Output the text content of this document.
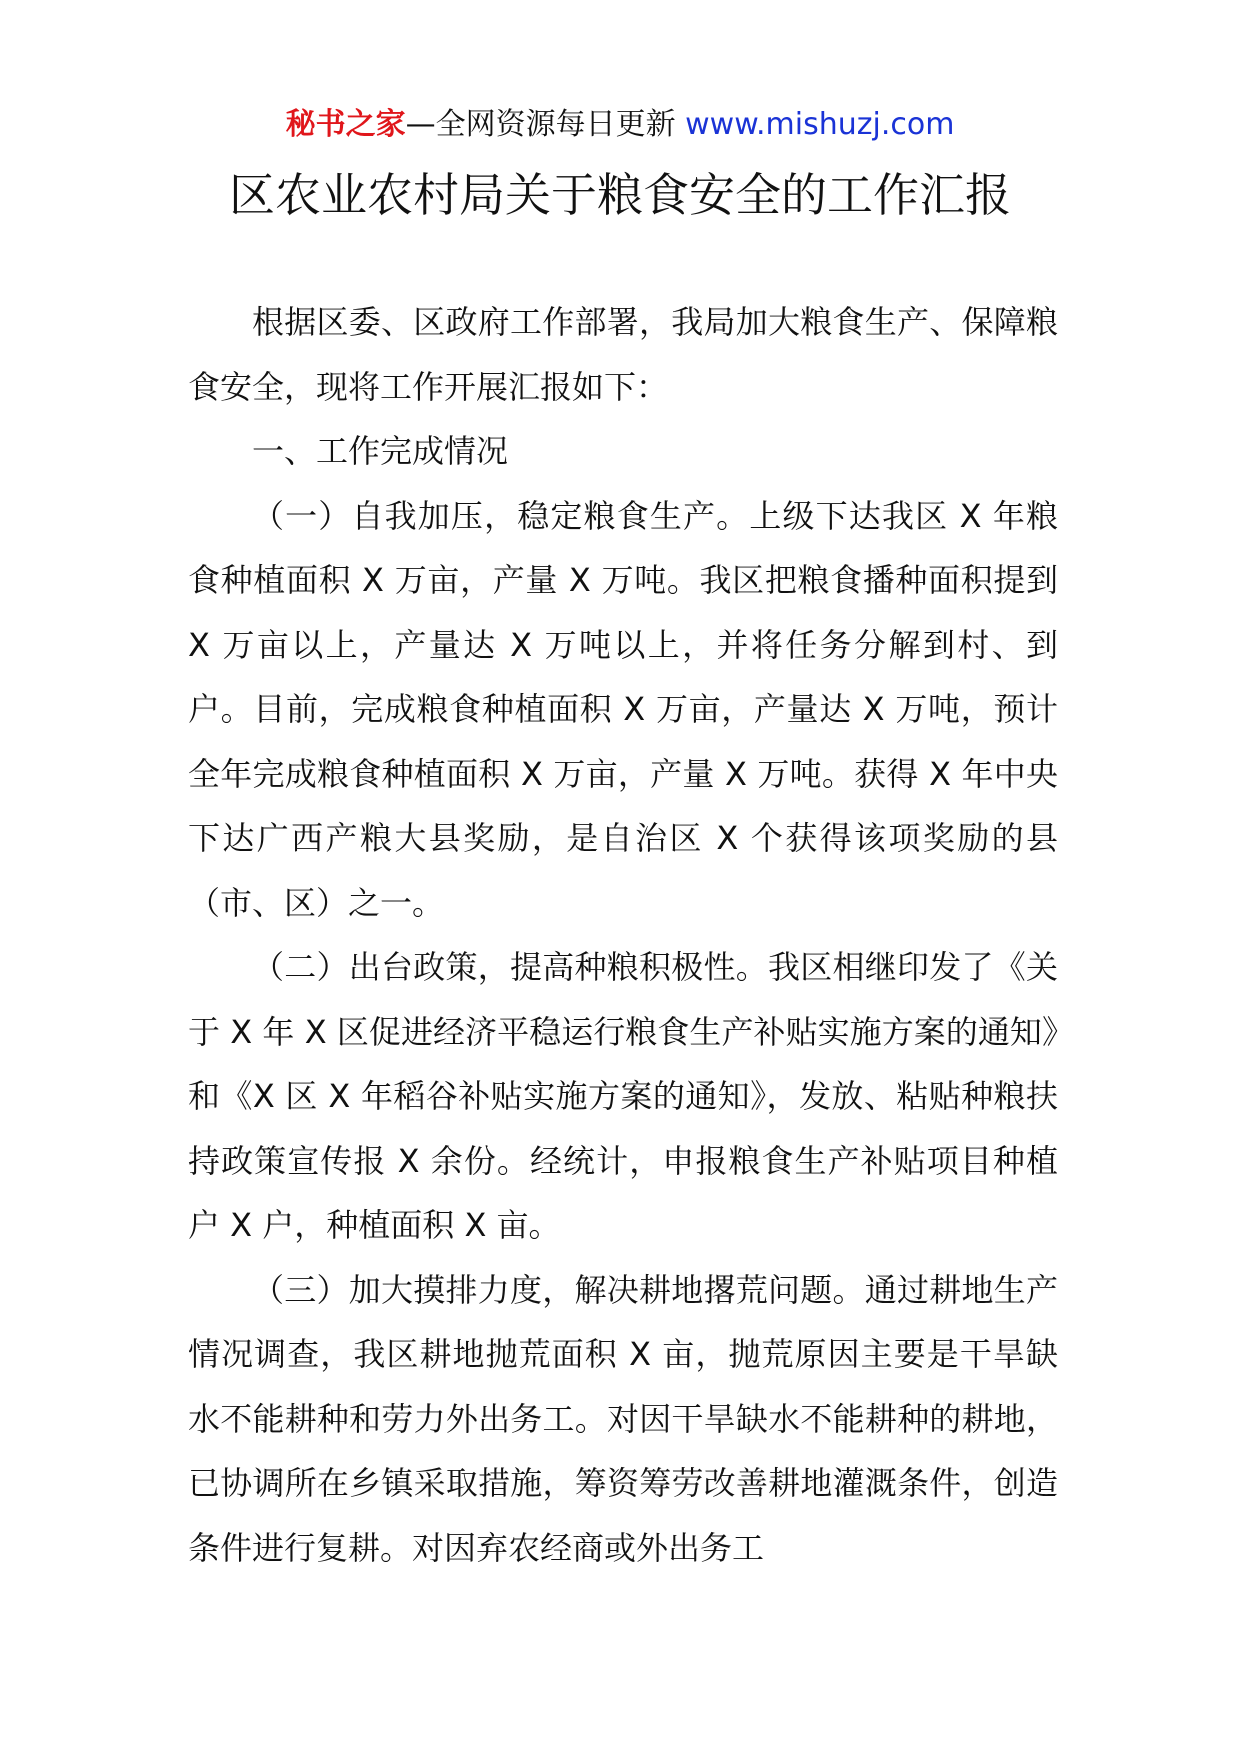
秘书之家—全网资源每日更新 www.mishuzj.com
区农业农村局关于粮食安全的工作汇报

根据区委、区政府工作部署，我局加大粮食生产、保障粮食安全，现将工作开展汇报如下：

一、工作完成情况

（一）自我加压，稳定粮食生产。上级下达我区 X 年粮食种植面积 X 万亩，产量 X 万吨。我区把粮食播种面积提到 X 万亩以上，产量达 X 万吨以上，并将任务分解到村、到户。目前，完成粮食种植面积 X 万亩，产量达 X 万吨，预计全年完成粮食种植面积 X 万亩，产量 X 万吨。获得 X 年中央下达广西产粮大县奖励，是自治区 X 个获得该项奖励的县（市、区）之一。

（二）出台政策，提高种粮积极性。我区相继印发了《关于 X 年 X 区促进经济平稳运行粮食生产补贴实施方案的通知》和《X 区 X 年稻谷补贴实施方案的通知》，发放、粘贴种粮扶持政策宣传报 X 余份。经统计，申报粮食生产补贴项目种植户 X 户，种植面积 X 亩。

（三）加大摸排力度，解决耕地撂荒问题。通过耕地生产情况调查，我区耕地抛荒面积 X 亩，抛荒原因主要是干旱缺水不能耕种和劳力外出务工。对因干旱缺水不能耕种的耕地，已协调所在乡镇采取措施，筹资筹劳改善耕地灌溉条件，创造条件进行复耕。对因弃农经商或外出务工
